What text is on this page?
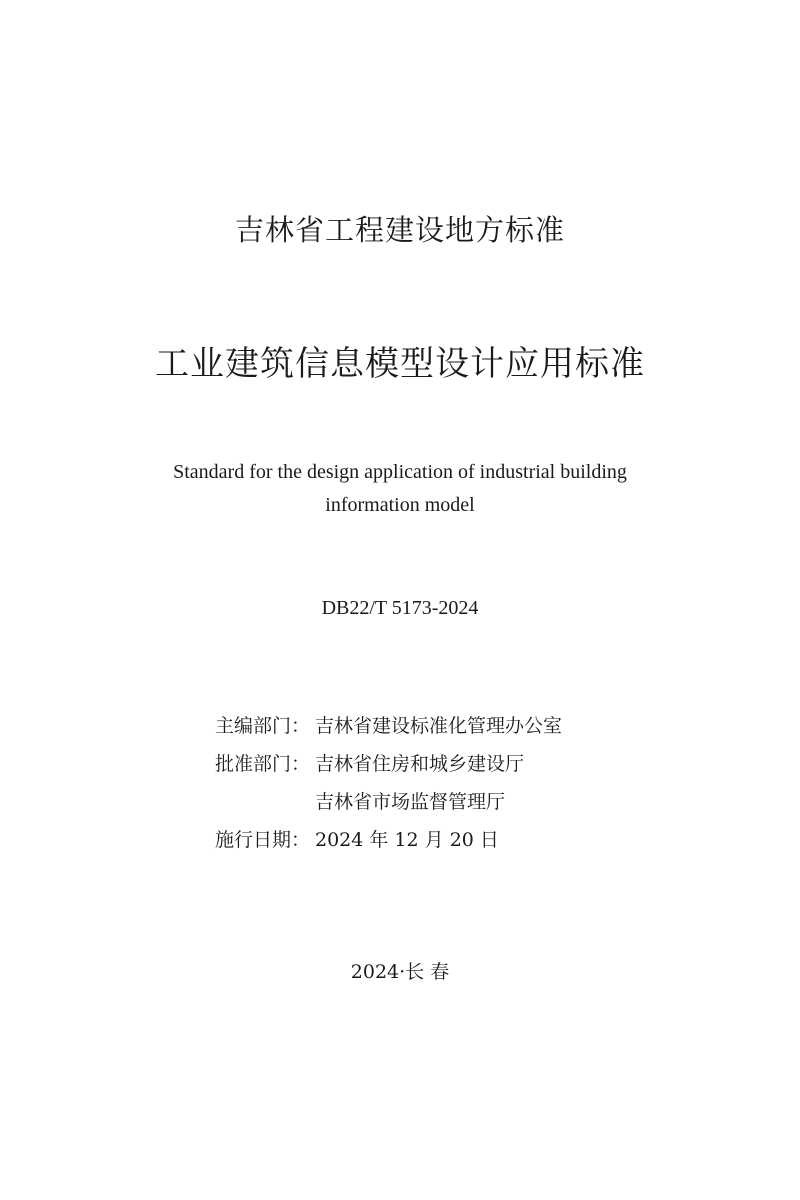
吉林省工程建设地方标准
工业建筑信息模型设计应用标准
Standard for the design application of industrial building
information model
DB22/T 5173-2024
主编部门： 吉林省建设标准化管理办公室
批准部门： 吉林省住房和城乡建设厅
吉林省市场监督管理厅
施行日期： 2024 年 12 月 20 日
2024·长 春
